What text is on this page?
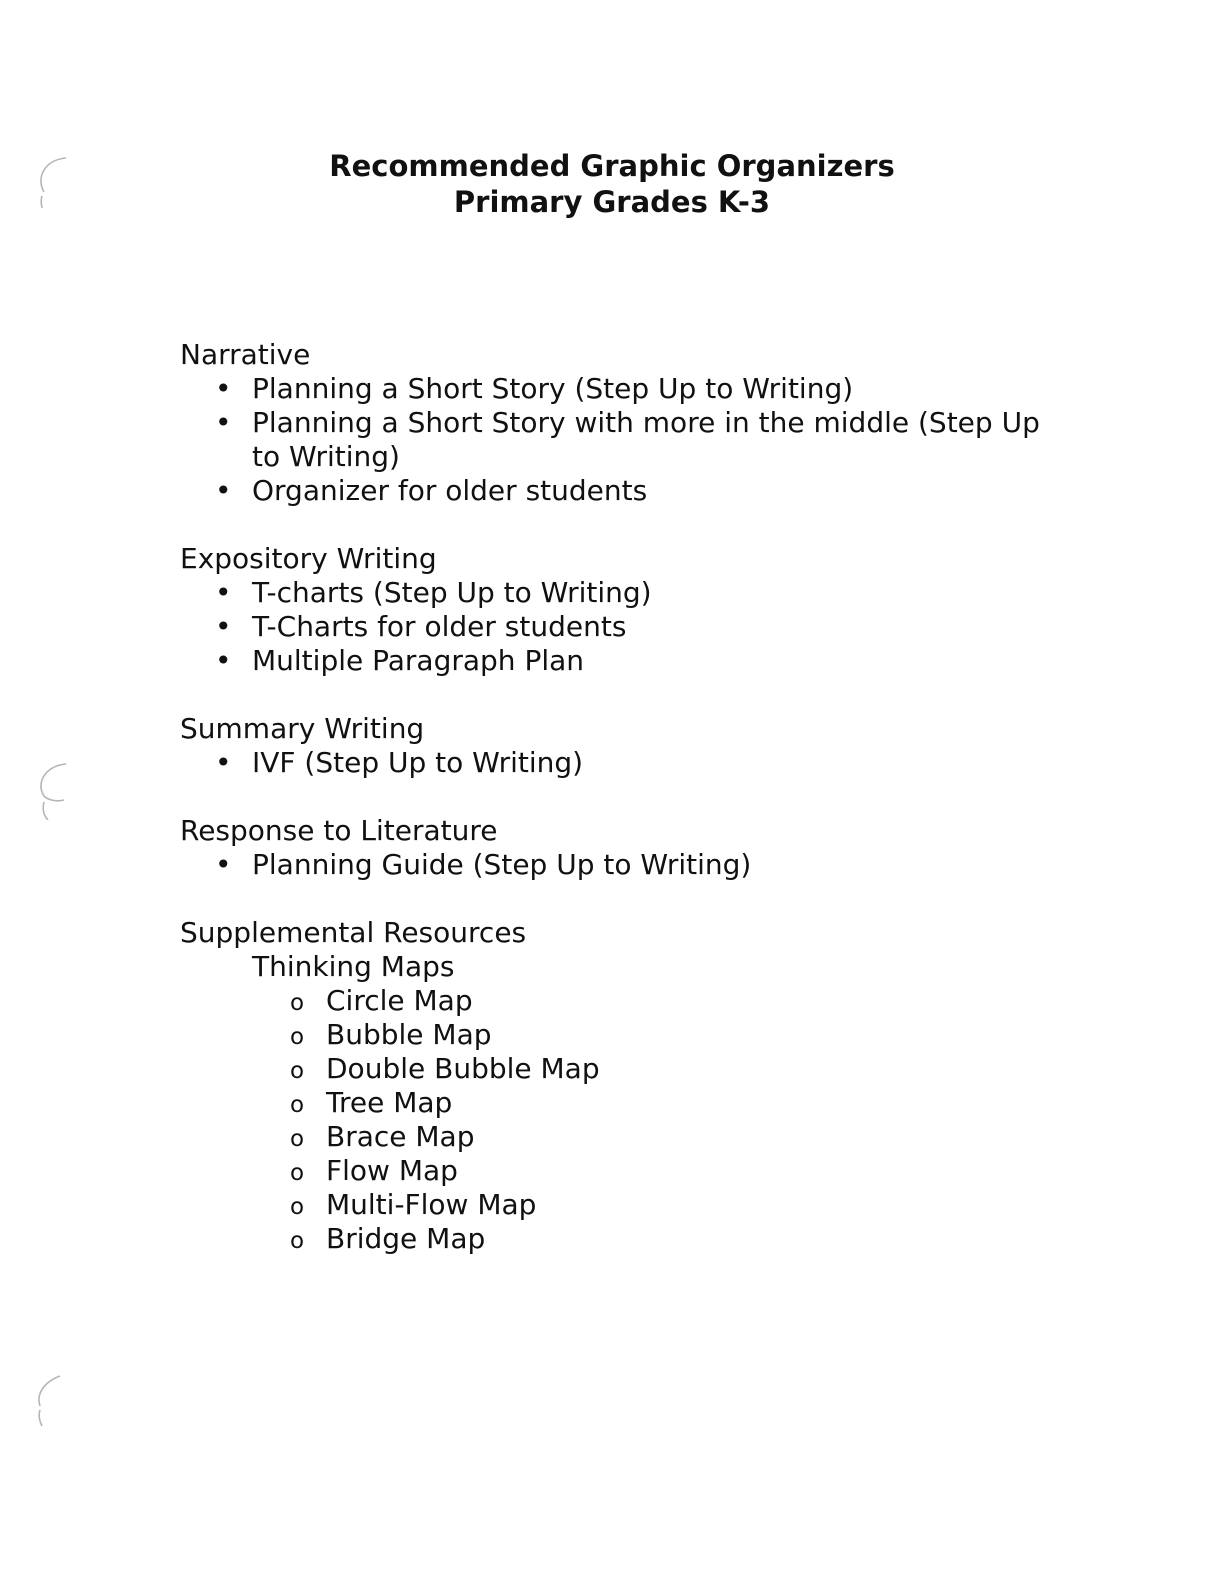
Recommended Graphic Organizers
Primary Grades K-3
Narrative
• Planning a Short Story (Step Up to Writing)
• Planning a Short Story with more in the middle (Step Up to Writing)
• Organizer for older students
Expository Writing
• T-charts (Step Up to Writing)
• T-Charts for older students
• Multiple Paragraph Plan
Summary Writing
• IVF (Step Up to Writing)
Response to Literature
• Planning Guide (Step Up to Writing)
Supplemental Resources
Thinking Maps
o Circle Map
o Bubble Map
o Double Bubble Map
o Tree Map
o Brace Map
o Flow Map
o Multi-Flow Map
o Bridge Map
